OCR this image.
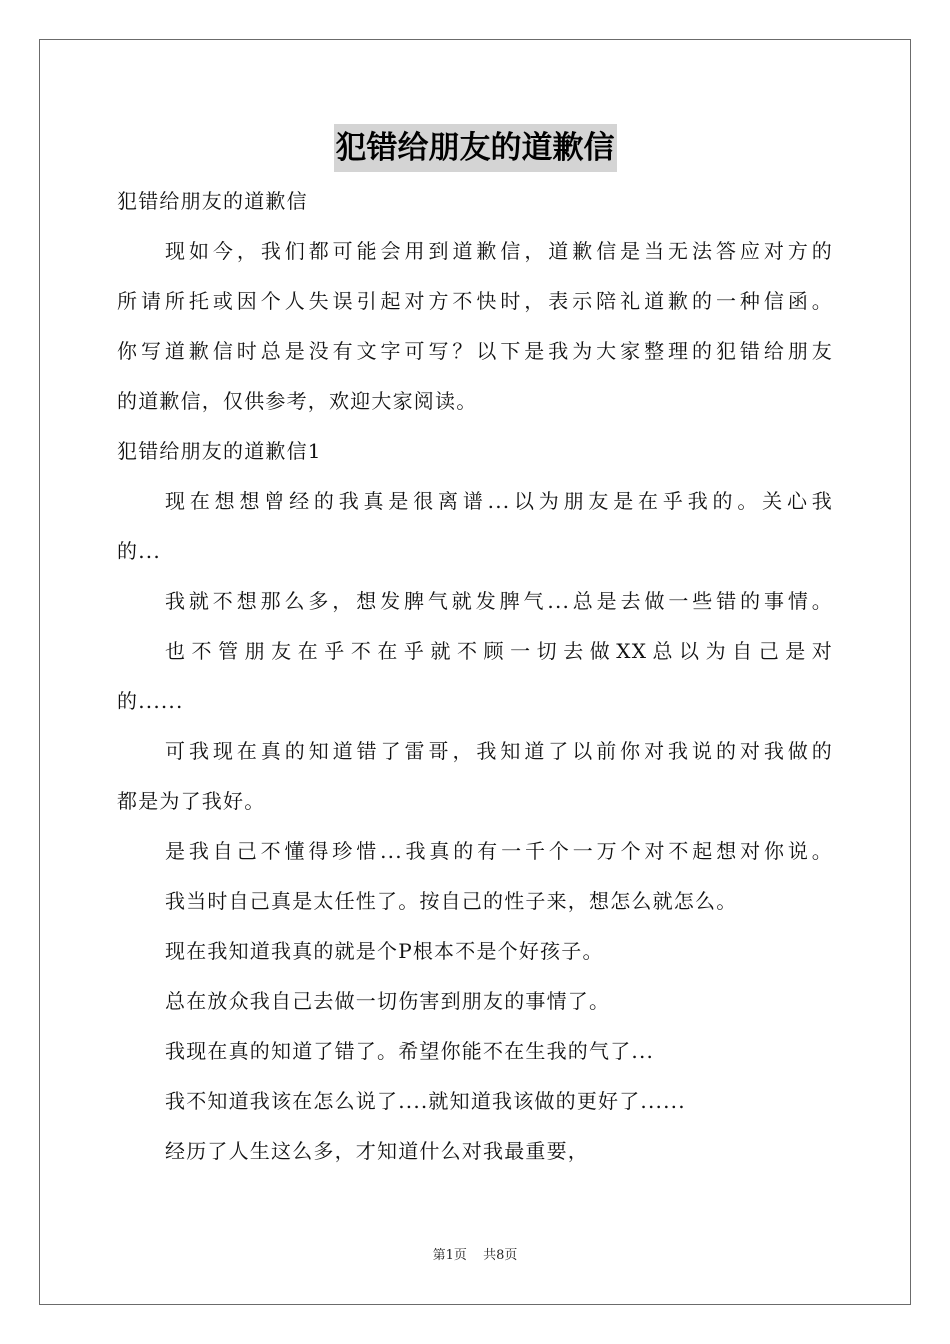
犯错给朋友的道歉信
犯错给朋友的道歉信
现如今，我们都可能会用到道歉信，道歉信是当无法答应对方的
所请所托或因个人失误引起对方不快时，表示陪礼道歉的一种信函。
你写道歉信时总是没有文字可写？以下是我为大家整理的犯错给朋友
的道歉信，仅供参考，欢迎大家阅读。
犯错给朋友的道歉信1
现在想想曾经的我真是很离谱...以为朋友是在乎我的。关心我
的...
我就不想那么多，想发脾气就发脾气...总是去做一些错的事情。
也不管朋友在乎不在乎就不顾一切去做XX总以为自己是对
的......
可我现在真的知道错了雷哥，我知道了以前你对我说的对我做的
都是为了我好。
是我自己不懂得珍惜...我真的有一千个一万个对不起想对你说。
我当时自己真是太任性了。按自己的性子来，想怎么就怎么。
现在我知道我真的就是个P根本不是个好孩子。
总在放众我自己去做一切伤害到朋友的事情了。
我现在真的知道了错了。希望你能不在生我的气了...
我不知道我该在怎么说了....就知道我该做的更好了......
经历了人生这么多，才知道什么对我最重要，
第1页 共8页
